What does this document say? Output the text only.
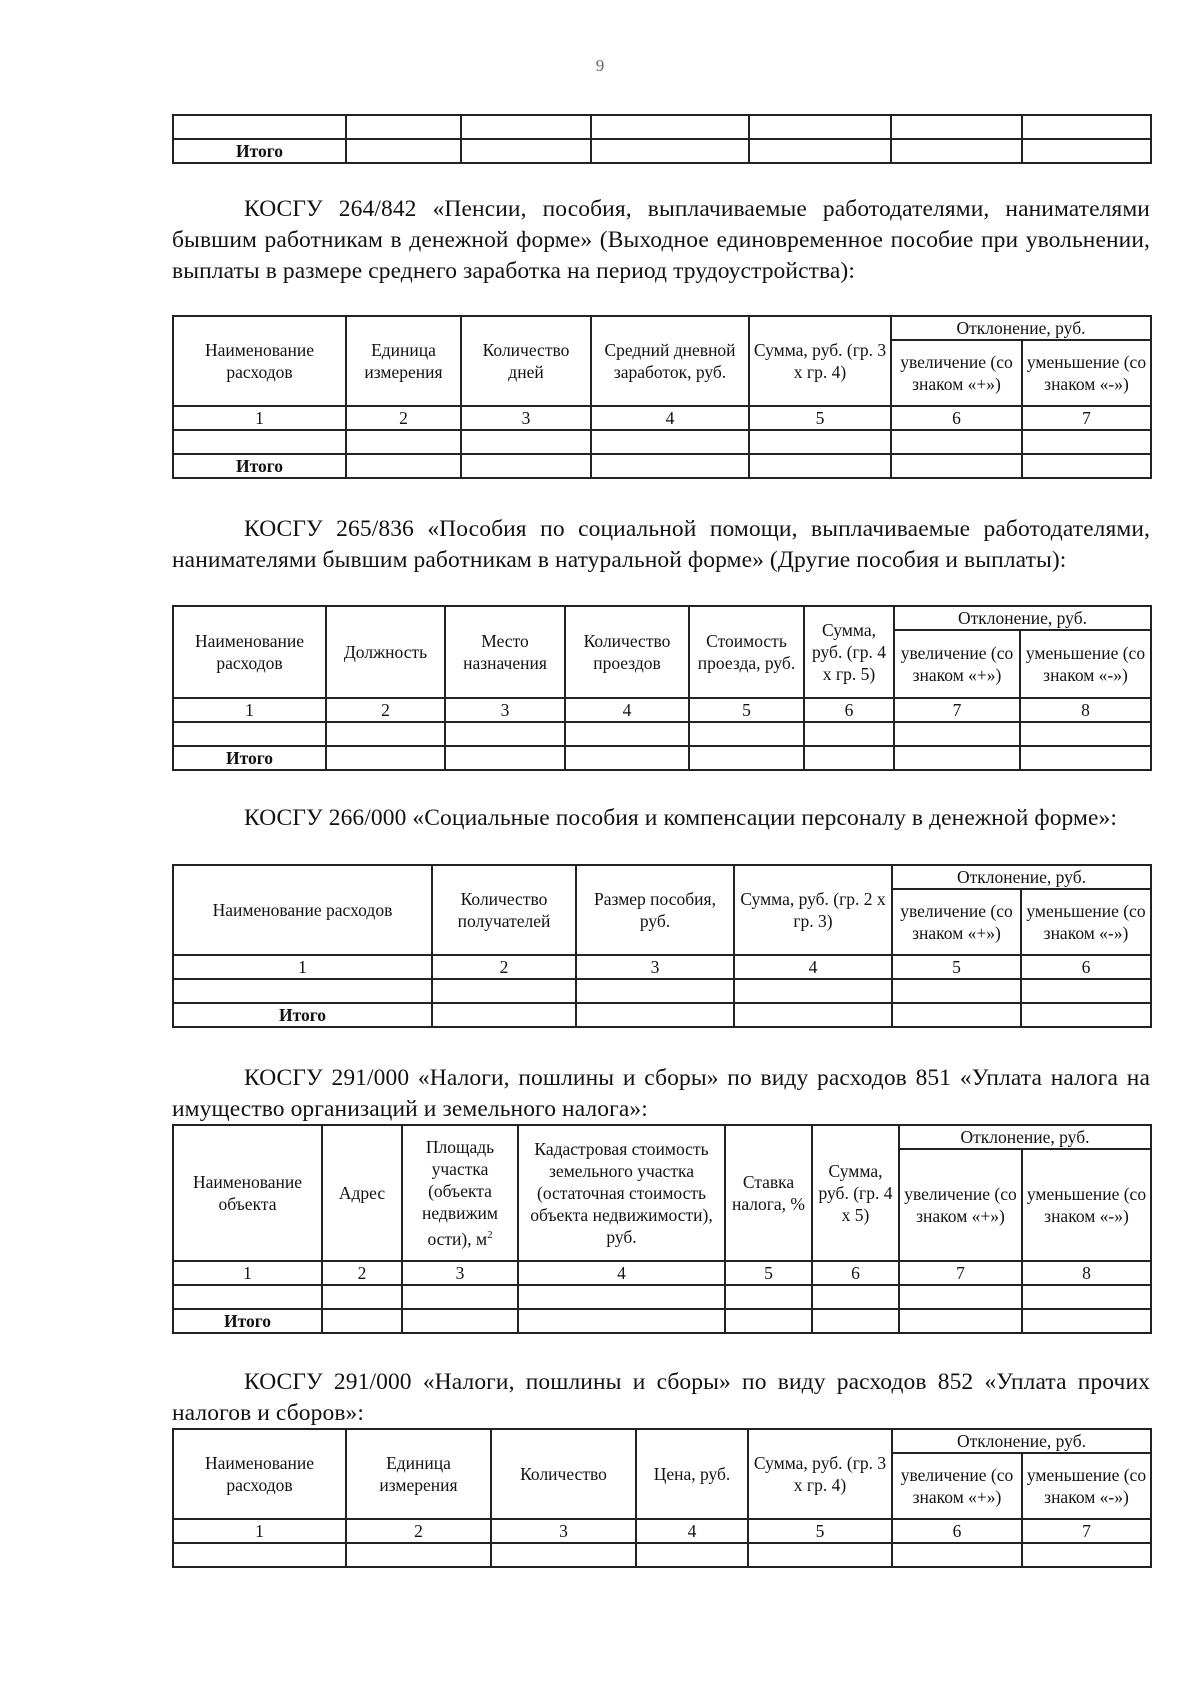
9

Итого						

КОСГУ 264/842 «Пенсии, пособия, выплачиваемые работодателями, нанимателями бывшим работникам в денежной форме» (Выходное единовременное пособие при увольнении, выплаты в размере среднего заработка на период трудоустройства):

Наименование расходов	Единица измерения	Количество дней	Средний дневной заработок, руб.	Сумма, руб. (гр. 3 х гр. 4)	Отклонение, руб.	
					увеличение (со знаком «+»)	уменьшение (со знаком «-»)
1	2	3	4	5	6	7

Итого						

КОСГУ 265/836 «Пособия по социальной помощи, выплачиваемые работодателями, нанимателями бывшим работникам в натуральной форме» (Другие пособия и выплаты):

Наименование расходов	Должность	Место назначения	Количество проездов	Стоимость проезда, руб.	Сумма, руб. (гр. 4 х гр. 5)	Отклонение, руб.	
						увеличение (со знаком «+»)	уменьшение (со знаком «-»)
1	2	3	4	5	6	7	8

Итого							

КОСГУ 266/000 «Социальные пособия и компенсации персоналу в денежной форме»:

Наименование расходов	Количество получателей	Размер пособия, руб.	Сумма, руб. (гр. 2 х гр. 3)	Отклонение, руб.	
				увеличение (со знаком «+»)	уменьшение (со знаком «-»)
1	2	3	4	5	6

Итого					

КОСГУ 291/000 «Налоги, пошлины и сборы» по виду расходов 851 «Уплата налога на имущество организаций и земельного налога»:

Наименование объекта	Адрес	Площадь участка (объекта недвижим ости), $м^2$	Кадастровая стоимость земельного участка (остаточная стоимость объекта недвижимости), руб.	Ставка налога, %	Сумма, руб. (гр. 4 х 5)	Отклонение, руб.	
						увеличение (со знаком «+»)	уменьшение (со знаком «-»)
1	2	3	4	5	6	7	8

Итого							

КОСГУ 291/000 «Налоги, пошлины и сборы» по виду расходов 852 «Уплата прочих налогов и сборов»:

Наименование расходов	Единица измерения	Количество	Цена, руб.	Сумма, руб. (гр. 3 х гр. 4)	Отклонение, руб.	
					увеличение (со знаком «+»)	уменьшение (со знаком «-»)
1	2	3	4	5	6	7
